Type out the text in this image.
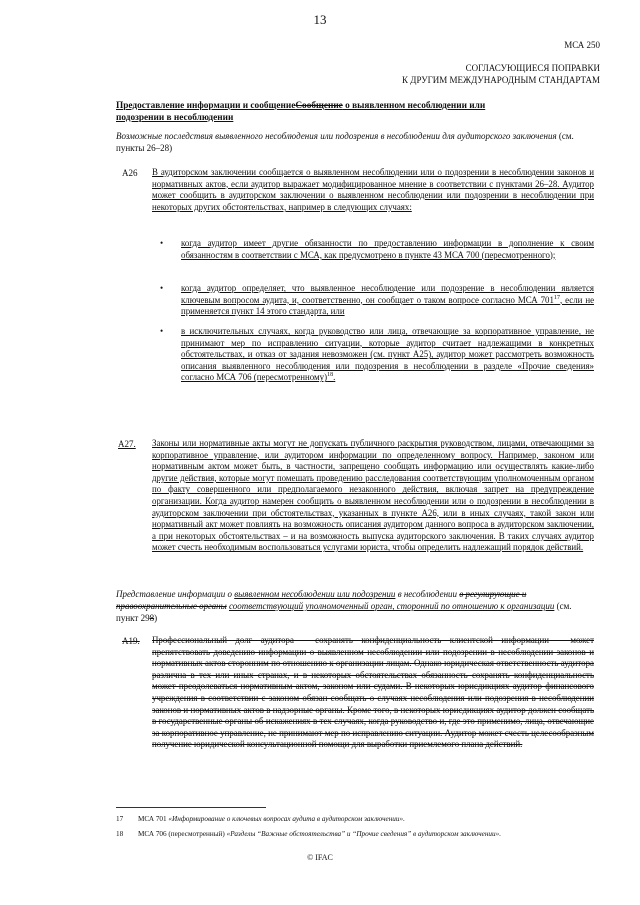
13
МСА 250
СОГЛАСУЮЩИЕСЯ ПОПРАВКИ
К ДРУГИМ МЕЖДУНАРОДНЫМ СТАНДАРТАМ
Предоставление информации и сообщениеСообщение о выявленном несоблюдении или
подозрении в несоблюдении
Возможные последствия выявленного несоблюдения или подозрения в несоблюдении для аудиторского заключения (см. пункты 26–28)
A26 В аудиторском заключении сообщается о выявленном несоблюдении или о подозрении в несоблюдении законов и нормативных актов, если аудитор выражает модифицированное мнение в соответствии с пунктами 26–28. Аудитор может сообщить в аудиторском заключении о выявленном несоблюдении или подозрении в несоблюдении при некоторых других обстоятельствах, например в следующих случаях:
• когда аудитор имеет другие обязанности по предоставлению информации в дополнение к своим обязанностям в соответствии с МСА, как предусмотрено в пункте 43 МСА 700 (пересмотренного);
• когда аудитор определяет, что выявленное несоблюдение или подозрение в несоблюдении является ключевым вопросом аудита, и, соответственно, он сообщает о таком вопросе согласно МСА $701^{17}$, если не применяется пункт 14 этого стандарта, или
• в исключительных случаях, когда руководство или лица, отвечающие за корпоративное управление, не принимают мер по исправлению ситуации, которые аудитор считает надлежащими в конкретных обстоятельствах, и отказ от задания невозможен (см. пункт A25), аудитор может рассмотреть возможность описания выявленного несоблюдения или подозрения в несоблюдении в разделе «Прочие сведения» согласно МСА 706 (пересмотренному)$^{18}$.
A27. Законы или нормативные акты могут не допускать публичного раскрытия руководством, лицами, отвечающими за корпоративное управление, или аудитором информации по определенному вопросу. Например, законом или нормативным актом может быть, в частности, запрещено сообщать информацию или осуществлять какие-либо другие действия, которые могут помешать проведению расследования соответствующим уполномоченным органом по факту совершенного или предполагаемого незаконного действия, включая запрет на предупреждение организации. Когда аудитор намерен сообщить о выявленном несоблюдении или о подозрении в несоблюдении в аудиторском заключении при обстоятельствах, указанных в пункте A26, или в иных случаях, такой закон или нормативный акт может повлиять на возможность описания аудитором данного вопроса в аудиторском заключении, а при некоторых обстоятельствах – и на возможность выпуска аудиторского заключения. В таких случаях аудитор может счесть необходимым воспользоваться услугами юриста, чтобы определить надлежащий порядок действий.
Представление информации о выявленном несоблюдении или подозрении в несоблюдении в регулирующие и правоохранительные органы соответствующий уполномоченный орган, сторонний по отношению к организации (см. пункт 298)
A19. Профессиональный долг аудитора – сохранять конфиденциальность клиентской информации – может препятствовать доведению информации о выявленном несоблюдении или подозрении в несоблюдении законов и нормативных актов сторонним по отношению к организации лицам. Однако юридическая ответственность аудитора различна в тех или иных странах, и в некоторых обстоятельствах обязанность сохранять конфиденциальность может преодолеваться нормативным актом, законом или судами. В некоторых юрисдикциях аудитор финансового учреждения в соответствии с законом обязан сообщать о случаях несоблюдения или подозрения в несоблюдении законов и нормативных актов в надзорные органы. Кроме того, в некоторых юрисдикциях аудитор должен сообщать в государственные органы об искажениях в тех случаях, когда руководство и, где это применимо, лица, отвечающие за корпоративное управление, не принимают мер по исправлению ситуации. Аудитор может счесть целесообразным получение юридической консультационной помощи для выработки приемлемого плана действий.
17 МСА 701 «Информирование о ключевых вопросах аудита в аудиторском заключении».
18 МСА 706 (пересмотренный) «Разделы “Важные обстоятельства” и “Прочие сведения” в аудиторском заключении».
© IFAC
